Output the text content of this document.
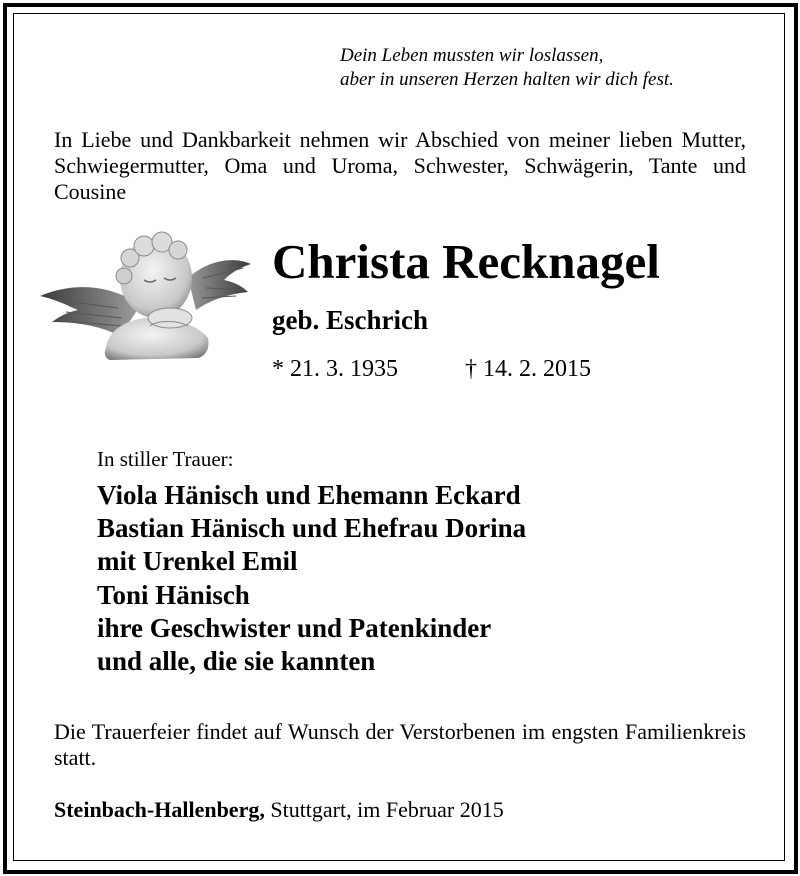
Dein Leben mussten wir loslassen,
aber in unseren Herzen halten wir dich fest.
In Liebe und Dankbarkeit nehmen wir Abschied von meiner lieben Mutter, Schwiegermutter, Oma und Uroma, Schwester, Schwägerin, Tante und Cousine
Christa Recknagel
geb. Eschrich
* 21. 3. 1935	† 14. 2. 2015
In stiller Trauer:
Viola Hänisch und Ehemann Eckard
Bastian Hänisch und Ehefrau Dorina
mit Urenkel Emil
Toni Hänisch
ihre Geschwister und Patenkinder
und alle, die sie kannten
Die Trauerfeier findet auf Wunsch der Verstorbenen im engsten Familienkreis statt.
Steinbach-Hallenberg, Stuttgart, im Februar 2015
